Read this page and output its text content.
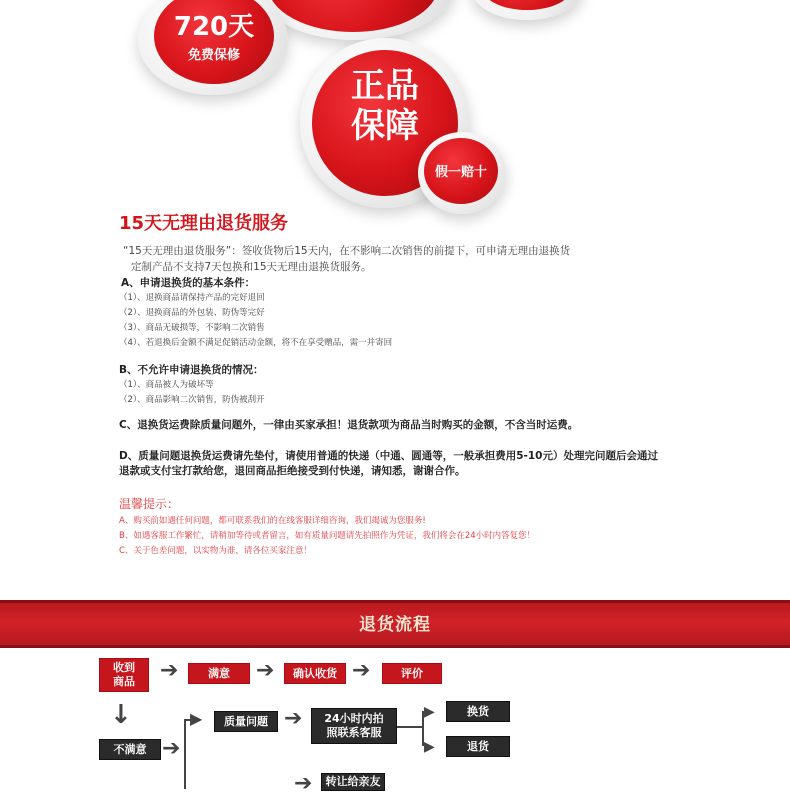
720天
免费保修
正品
保障
假一赔十
15天无理由退货服务
“15天无理由退货服务”：签收货物后15天内，在不影响二次销售的前提下，可申请无理由退换货
定制产品不支持7天包换和15天无理由退换货服务。
A、申请退换货的基本条件：
（1）、退换商品请保持产品的完好退回
（2）、退换商品的外包装、防伪等完好
（3）、商品无破损等，不影响二次销售
（4）、若退换后金额不满足促销活动金额，将不在享受赠品，需一并寄回
B、不允许申请退换货的情况：
（1）、商品被人为破坏等
（2）、商品影响二次销售，防伪被刮开
C、退换货运费除质量问题外，一律由买家承担！退货款项为商品当时购买的金额，不含当时运费。
D、质量问题退换货运费请先垫付，请使用普通的快递（中通、圆通等，一般承担费用5-10元）处理完问题后会通过
退款或支付宝打款给您，退回商品拒绝接受到付快递，请知悉，谢谢合作。
温馨提示：
A、购买前如遇任何问题，都可联系我们的在线客服详细咨询，我们竭诚为您服务!
B、如遇客服工作繁忙，请稍加等待或者留言，如有质量问题请先拍照作为凭证，我们将会在24小时内答复您！
C、关于色差问题，以实物为准，请各位买家注意！
退货流程
收到
商品 ➔	满意	➔	确认收货 ➔	评价
↓
不满意 ➔
▶	质量问题 ➔ 24小时内拍
照联系客服
▶
▶
换货
退货
➔	转让给亲友
